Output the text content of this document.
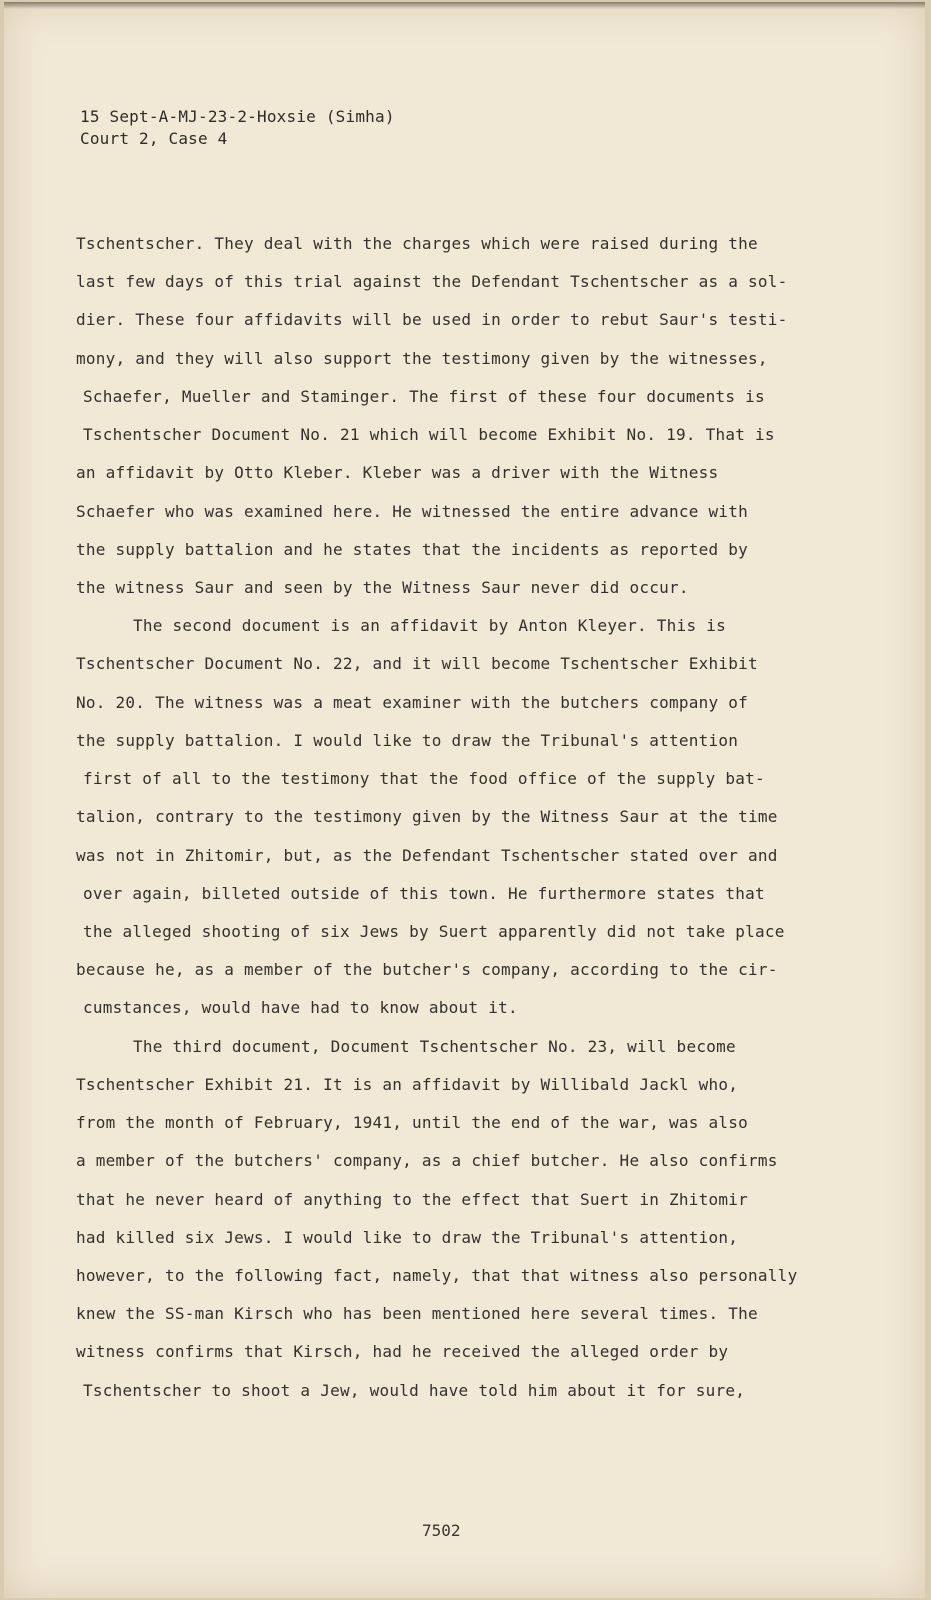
15 Sept-A-MJ-23-2-Hoxsie (Simha)
Court 2, Case 4
Tschentscher. They deal with the charges which were raised during the
last few days of this trial against the Defendant Tschentscher as a sol-
dier. These four affidavits will be used in order to rebut Saur's testi-
mony, and they will also support the testimony given by the witnesses,
Schaefer, Mueller and Staminger. The first of these four documents is
Tschentscher Document No. 21 which will become Exhibit No. 19. That is
an affidavit by Otto Kleber. Kleber was a driver with the Witness
Schaefer who was examined here. He witnessed the entire advance with
the supply battalion and he states that the incidents as reported by
the witness Saur and seen by the Witness Saur never did occur.
The second document is an affidavit by Anton Kleyer. This is
Tschentscher Document No. 22, and it will become Tschentscher Exhibit
No. 20. The witness was a meat examiner with the butchers company of
the supply battalion. I would like to draw the Tribunal's attention
first of all to the testimony that the food office of the supply bat-
talion, contrary to the testimony given by the Witness Saur at the time
was not in Zhitomir, but, as the Defendant Tschentscher stated over and
over again, billeted outside of this town. He furthermore states that
the alleged shooting of six Jews by Suert apparently did not take place
because he, as a member of the butcher's company, according to the cir-
cumstances, would have had to know about it.
The third document, Document Tschentscher No. 23, will become
Tschentscher Exhibit 21. It is an affidavit by Willibald Jackl who,
from the month of February, 1941, until the end of the war, was also
a member of the butchers' company, as a chief butcher. He also confirms
that he never heard of anything to the effect that Suert in Zhitomir
had killed six Jews. I would like to draw the Tribunal's attention,
however, to the following fact, namely, that that witness also personally
knew the SS-man Kirsch who has been mentioned here several times. The
witness confirms that Kirsch, had he received the alleged order by
Tschentscher to shoot a Jew, would have told him about it for sure,
7502
